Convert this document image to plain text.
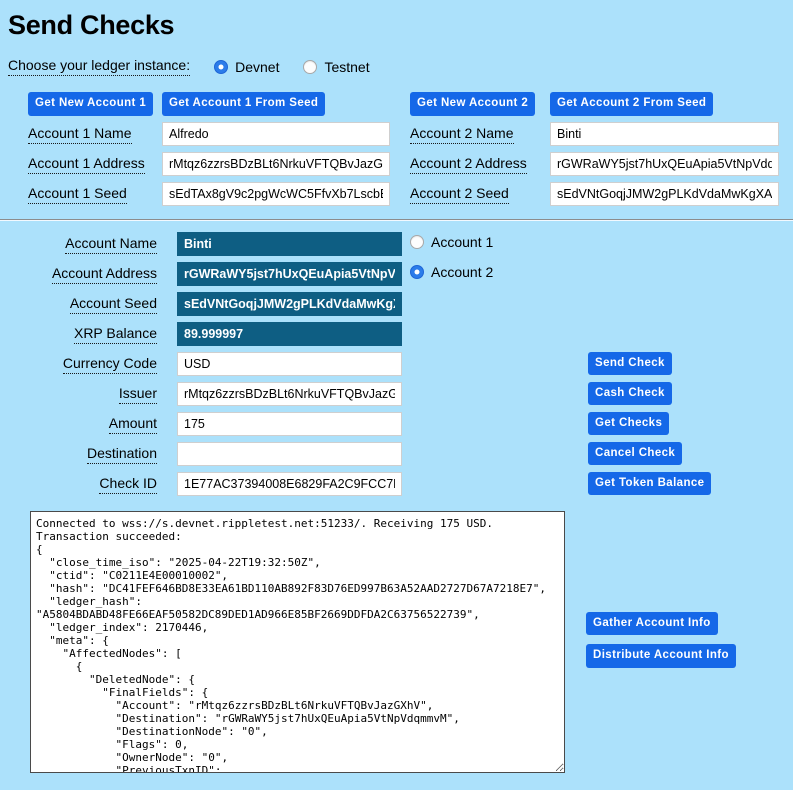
Send Checks
Choose your ledger instance:	Devnet	Testnet
Get New Account 1	Get Account 1 From Seed	Get New Account 2	Get Account 2 From Seed
Account 1 Name	Alfredo	Account 2 Name	Binti
Account 1 Address	rMtqz6zzrsBDzBLt6NrkuVFTQBvJazGXhV	Account 2 Address	rGWRaWY5jst7hUxQEuApia5VtNpVdqmmvM
Account 1 Seed	sEdTAx8gV9c2pgWcWC5FfvXb7LscbBc	Account 2 Seed	sEdVNtGoqjJMW2gPLKdVdaMwKgXAh5z
Account Name	Binti	Account 1	

Account Address	rGWRaWY5jst7hUxQEuApia5VtNpVdqmmvM	Account 2	

Account Seed	sEdVNtGoqjJMW2gPLKdVdaMwKgXAh5z		
XRP Balance	89.999997		
Currency Code	USD		Send Check
Issuer	rMtqz6zzrsBDzBLt6NrkuVFTQBvJazGXhV		Cash Check
Amount	175		Get Checks
Destination			Cancel Check
Check ID	1E77AC37394008E6829FA2C9FCC7E8B0AF		Get Token Balance
Connected to wss://s.devnet.rippletest.net:51233/. Receiving 175 USD. Transaction succeeded: { "close_time_iso": "2025-04-22T19:32:50Z", "ctid": "C0211E4E00010002", "hash": "DC41FEF646BD8E33EA61BD110AB892F83D76ED997B63A52AAD2727D67A7218E7", "ledger_hash": "A5804BDABD48FE66EAF50582DC89DED1AD966E85BF2669DDFDA2C63756522739", "ledger_index": 2170446, "meta": { "AffectedNodes": [ { "DeletedNode": { "FinalFields": { "Account": "rMtqz6zzrsBDzBLt6NrkuVFTQBvJazGXhV", "Destination": "rGWRaWY5jst7hUxQEuApia5VtNpVdqmmvM", "DestinationNode": "0", "Flags": 0, "OwnerNode": "0", "PreviousTxnID":
Gather Account Info
Distribute Account Info
